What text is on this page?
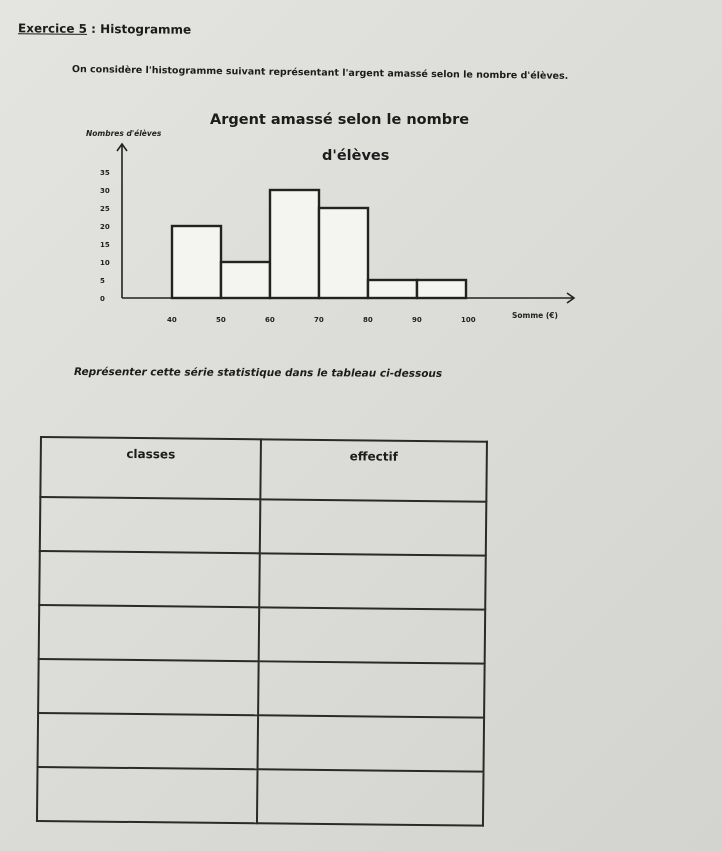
Exercice 5 : Histogramme
On considère l'histogramme suivant représentant l'argent amassé selon le nombre d'élèves.
Argent amassé selon le nombre
d'élèves
Nombres d'élèves
Somme (€)
0
5
10
15
20
25
30
35
40	50	60	70	80	90	100
Représenter cette série statistique dans le tableau ci-dessous
classes	effectif
